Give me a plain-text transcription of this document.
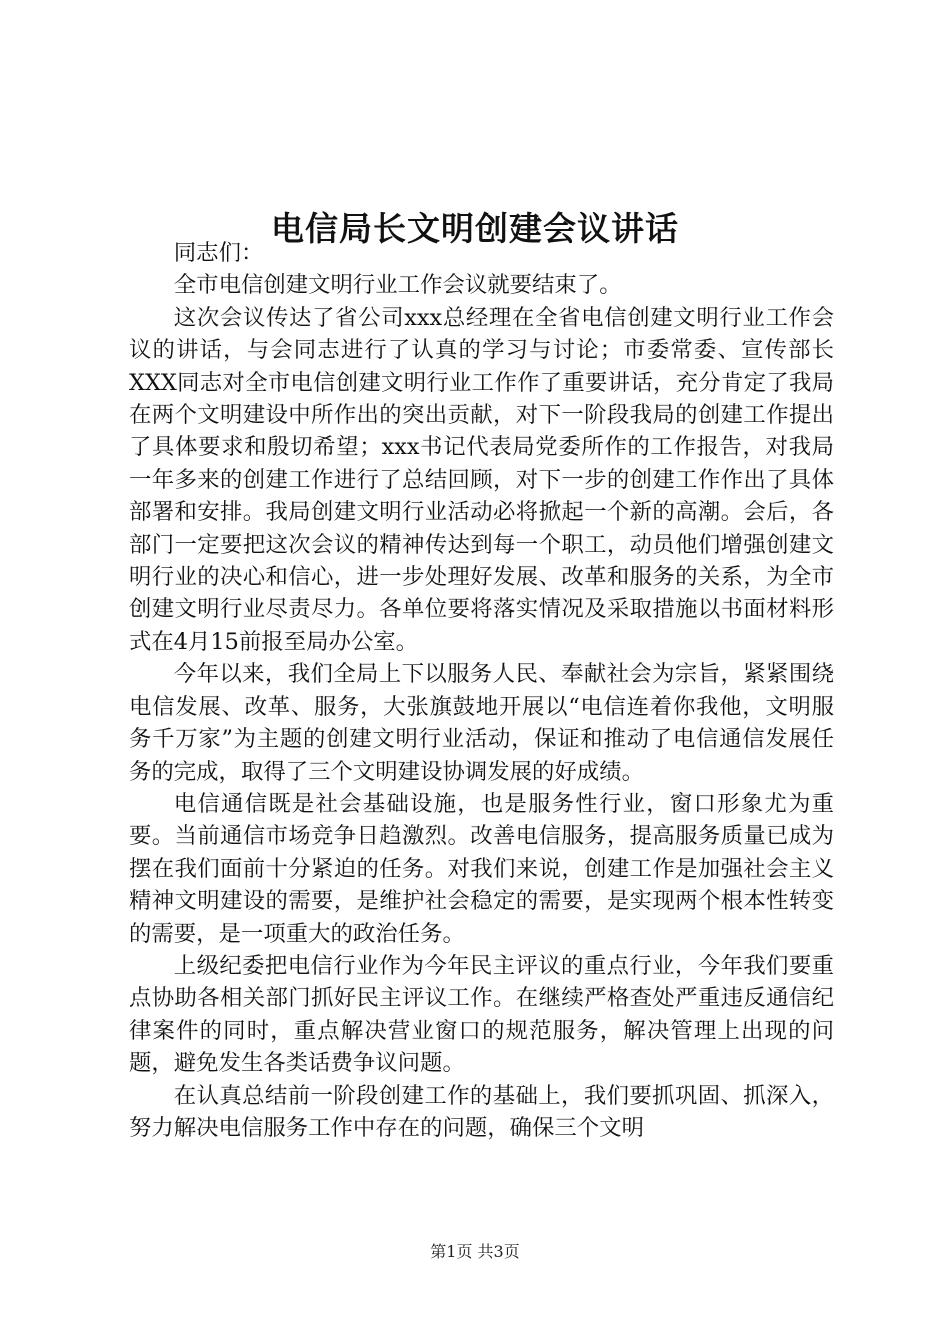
电信局长文明创建会议讲话

同志们：

全市电信创建文明行业工作会议就要结束了。

这次会议传达了省公司xxx总经理在全省电信创建文明行业工作会议的讲话，与会同志进行了认真的学习与讨论；市委常委、宣传部长XXX同志对全市电信创建文明行业工作作了重要讲话，充分肯定了我局在两个文明建设中所作出的突出贡献，对下一阶段我局的创建工作提出了具体要求和殷切希望；xxx书记代表局党委所作的工作报告，对我局一年多来的创建工作进行了总结回顾，对下一步的创建工作作出了具体部署和安排。我局创建文明行业活动必将掀起一个新的高潮。会后，各部门一定要把这次会议的精神传达到每一个职工，动员他们增强创建文明行业的决心和信心，进一步处理好发展、改革和服务的关系，为全市创建文明行业尽责尽力。各单位要将落实情况及采取措施以书面材料形式在4月15前报至局办公室。

今年以来，我们全局上下以服务人民、奉献社会为宗旨，紧紧围绕电信发展、改革、服务，大张旗鼓地开展以“电信连着你我他，文明服务千万家”为主题的创建文明行业活动，保证和推动了电信通信发展任务的完成，取得了三个文明建设协调发展的好成绩。

电信通信既是社会基础设施，也是服务性行业，窗口形象尤为重要。当前通信市场竞争日趋激烈。改善电信服务，提高服务质量已成为摆在我们面前十分紧迫的任务。对我们来说，创建工作是加强社会主义精神文明建设的需要，是维护社会稳定的需要，是实现两个根本性转变的需要，是一项重大的政治任务。

上级纪委把电信行业作为今年民主评议的重点行业，今年我们要重点协助各相关部门抓好民主评议工作。在继续严格查处严重违反通信纪律案件的同时，重点解决营业窗口的规范服务，解决管理上出现的问题，避免发生各类话费争议问题。

在认真总结前一阶段创建工作的基础上，我们要抓巩固、抓深入，努力解决电信服务工作中存在的问题，确保三个文明

第1页 共3页
